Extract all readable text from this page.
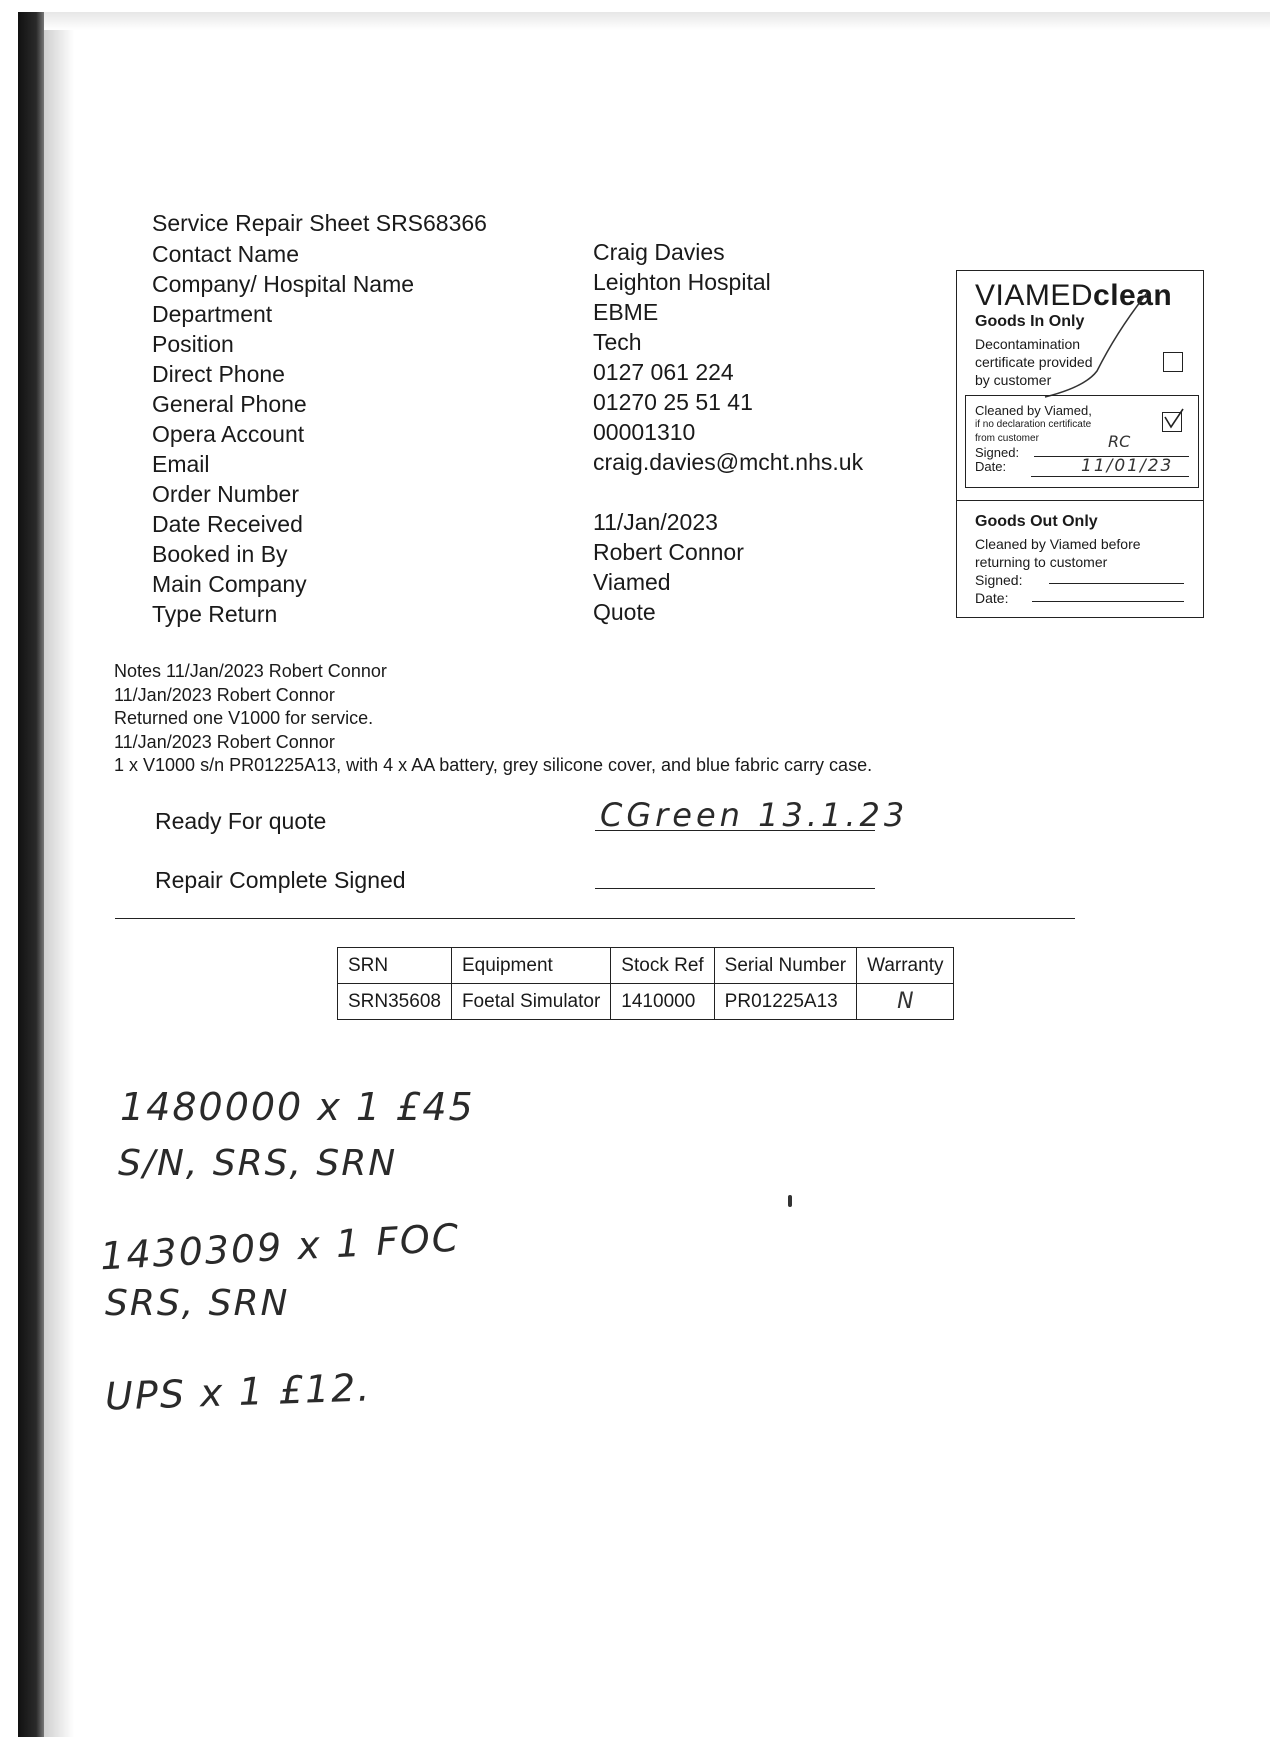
Service Repair Sheet SRS68366
Contact Name	Craig Davies
Company/ Hospital Name	Leighton Hospital
Department	EBME
Position	Tech
Direct Phone	0127 061 224
General Phone	01270 25 51 41
Opera Account	00001310
Email	craig.davies@mcht.nhs.uk
Order Number
Date Received	11/Jan/2023
Booked in By	Robert Connor
Main Company	Viamed
Type Return	Quote
VIAMEDclean
Goods In Only
Decontamination
certificate provided
by customer
Cleaned by Viamed,
if no declaration certificate
from customer
Signed:
Date:
RC
11/01/23
Goods Out Only
Cleaned by Viamed before
returning to customer
Signed:
Date:
Notes 11/Jan/2023 Robert Connor
11/Jan/2023 Robert Connor
Returned one V1000 for service.
11/Jan/2023 Robert Connor
1 x V1000 s/n PR01225A13, with 4 x AA battery, grey silicone cover, and blue fabric carry case.
Ready For quote	CGreen 13.1.23
Repair Complete Signed
SRN	Equipment	Stock Ref	Serial Number	Warranty
SRN35608	Foetal Simulator	1410000	PR01225A13	N
1480000 x 1 £45
S/N, SRS, SRN
1430309 x 1 FOC
SRS, SRN
UPS x 1 £12.
